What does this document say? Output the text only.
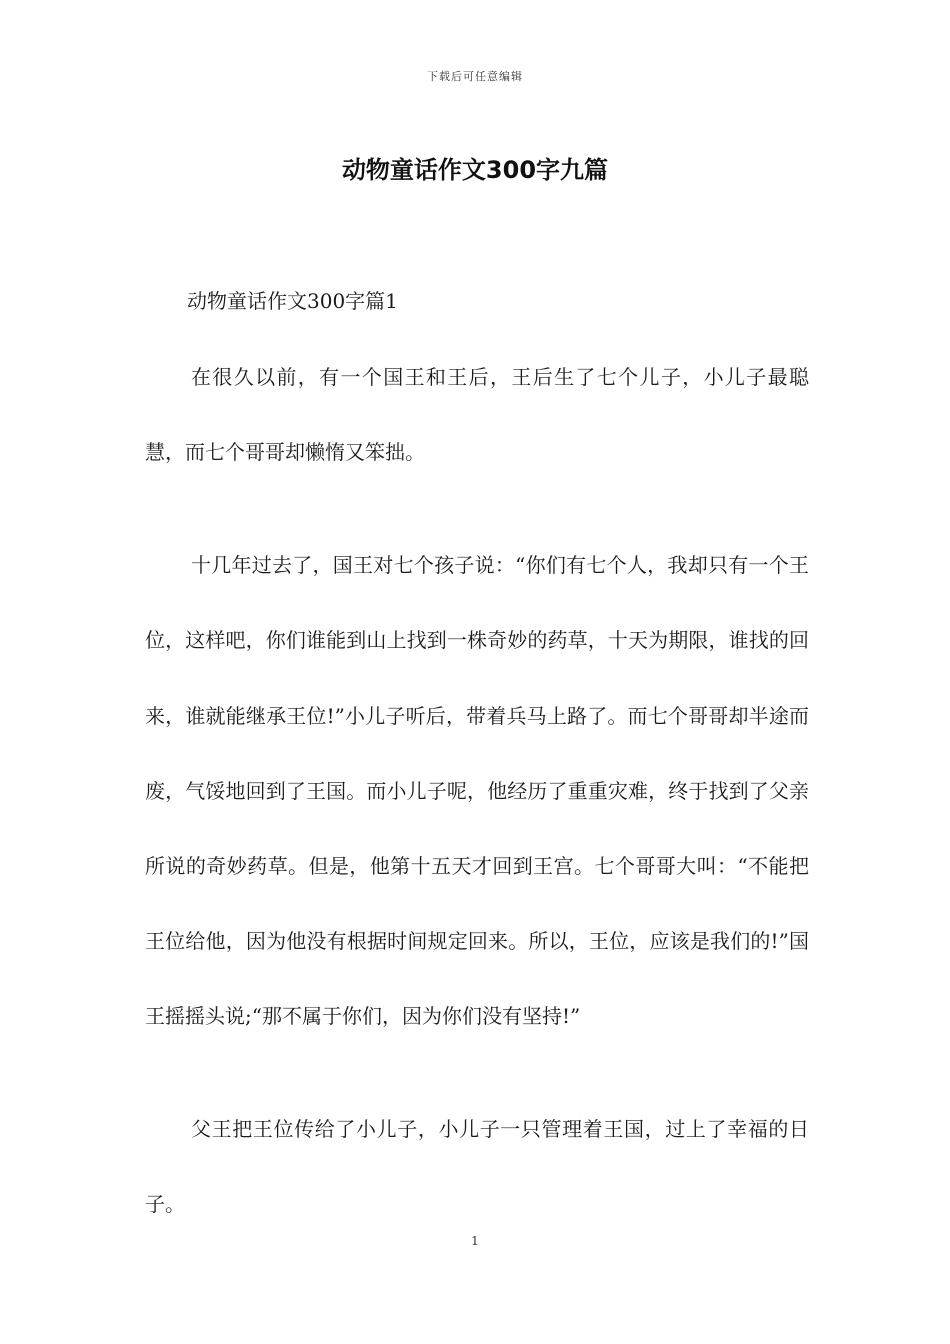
下载后可任意编辑
动物童话作文300字九篇

动物童话作文300字篇1

在很久以前，有一个国王和王后，王后生了七个儿子，小儿子最聪慧，而七个哥哥却懒惰又笨拙。

十几年过去了，国王对七个孩子说：“你们有七个人，我却只有一个王位，这样吧，你们谁能到山上找到一株奇妙的药草，十天为期限，谁找的回来，谁就能继承王位!”小儿子听后，带着兵马上路了。而七个哥哥却半途而废，气馁地回到了王国。而小儿子呢，他经历了重重灾难，终于找到了父亲所说的奇妙药草。但是，他第十五天才回到王宫。七个哥哥大叫：“不能把王位给他，因为他没有根据时间规定回来。所以，王位，应该是我们的!”国王摇摇头说;“那不属于你们，因为你们没有坚持!”

父王把王位传给了小儿子，小儿子一只管理着王国，过上了幸福的日子。

1
